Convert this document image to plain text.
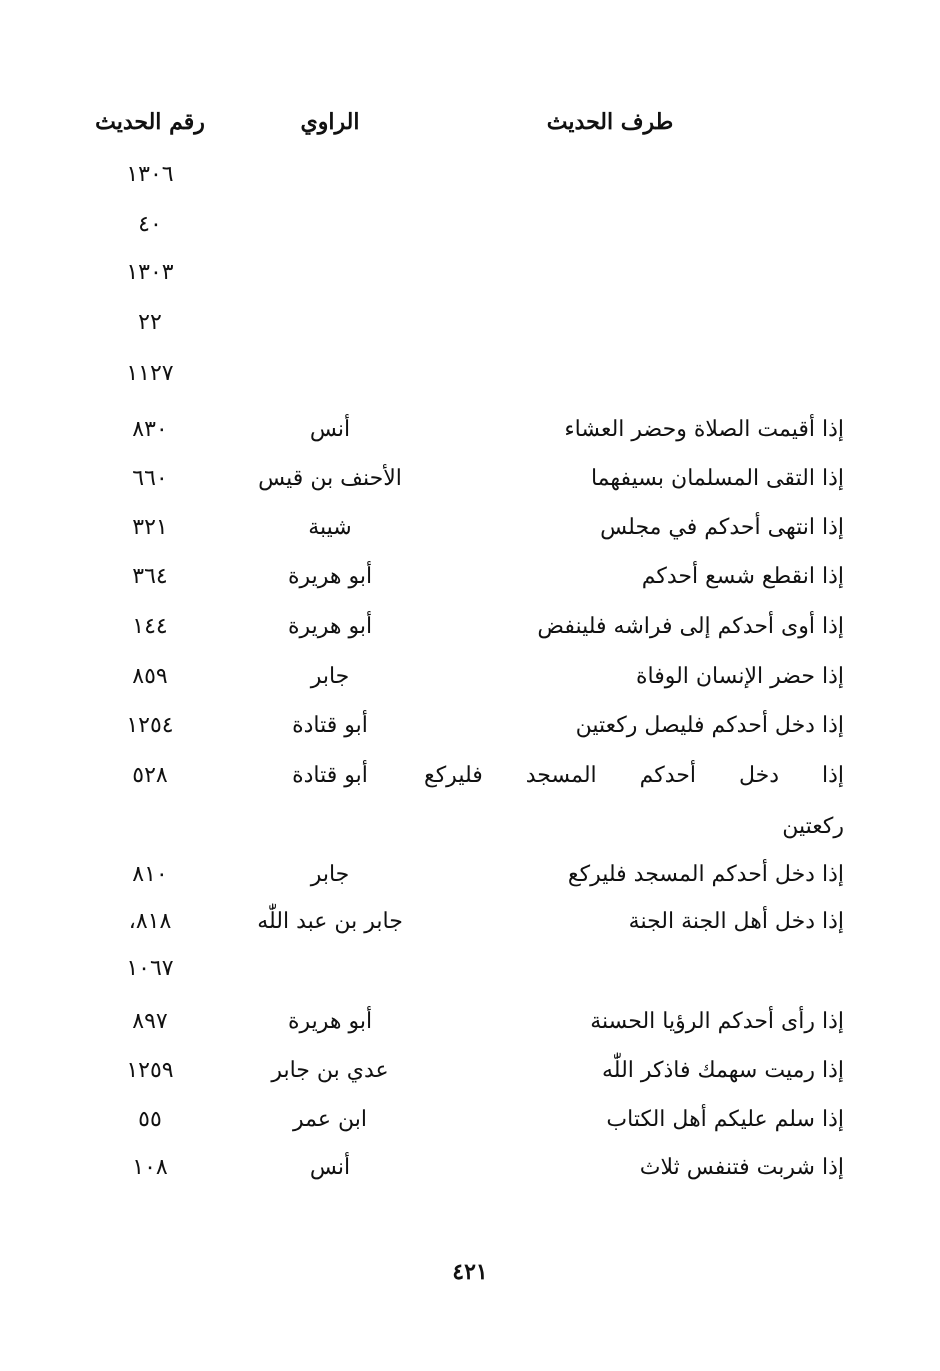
طرف الحديث
الراوي
رقم الحديث
١٣٠٦
٤٠
١٣٠٣
٢٢
١١٢٧
إذا أقيمت الصلاة وحضر العشاء
أنس
٨٣٠
إذا التقى المسلمان بسيفهما
الأحنف بن قيس
٦٦٠
إذا انتهى أحدكم في مجلس
شيبة
٣٢١
إذا انقطع شسع أحدكم
أبو هريرة
٣٦٤
إذا أوى أحدكم إلى فراشه فلينفض
أبو هريرة
١٤٤
إذا حضر الإنسان الوفاة
جابر
٨٥٩
إذا دخل أحدكم فليصل ركعتين
أبو قتادة
١٢٥٤
إذا دخل أحدكم المسجد فليركع
أبو قتادة
٥٢٨
ركعتين
إذا دخل أحدكم المسجد فليركع
جابر
٨١٠
إذا دخل أهل الجنة الجنة
جابر بن عبد اللّٰه
٨١٨،
١٠٦٧
إذا رأى أحدكم الرؤيا الحسنة
أبو هريرة
٨٩٧
إذا رميت سهمك فاذكر اللّٰه
عدي بن جابر
١٢٥٩
إذا سلم عليكم أهل الكتاب
ابن عمر
٥٥
إذا شربت فتنفس ثلاث
أنس
١٠٨
٤٢١
